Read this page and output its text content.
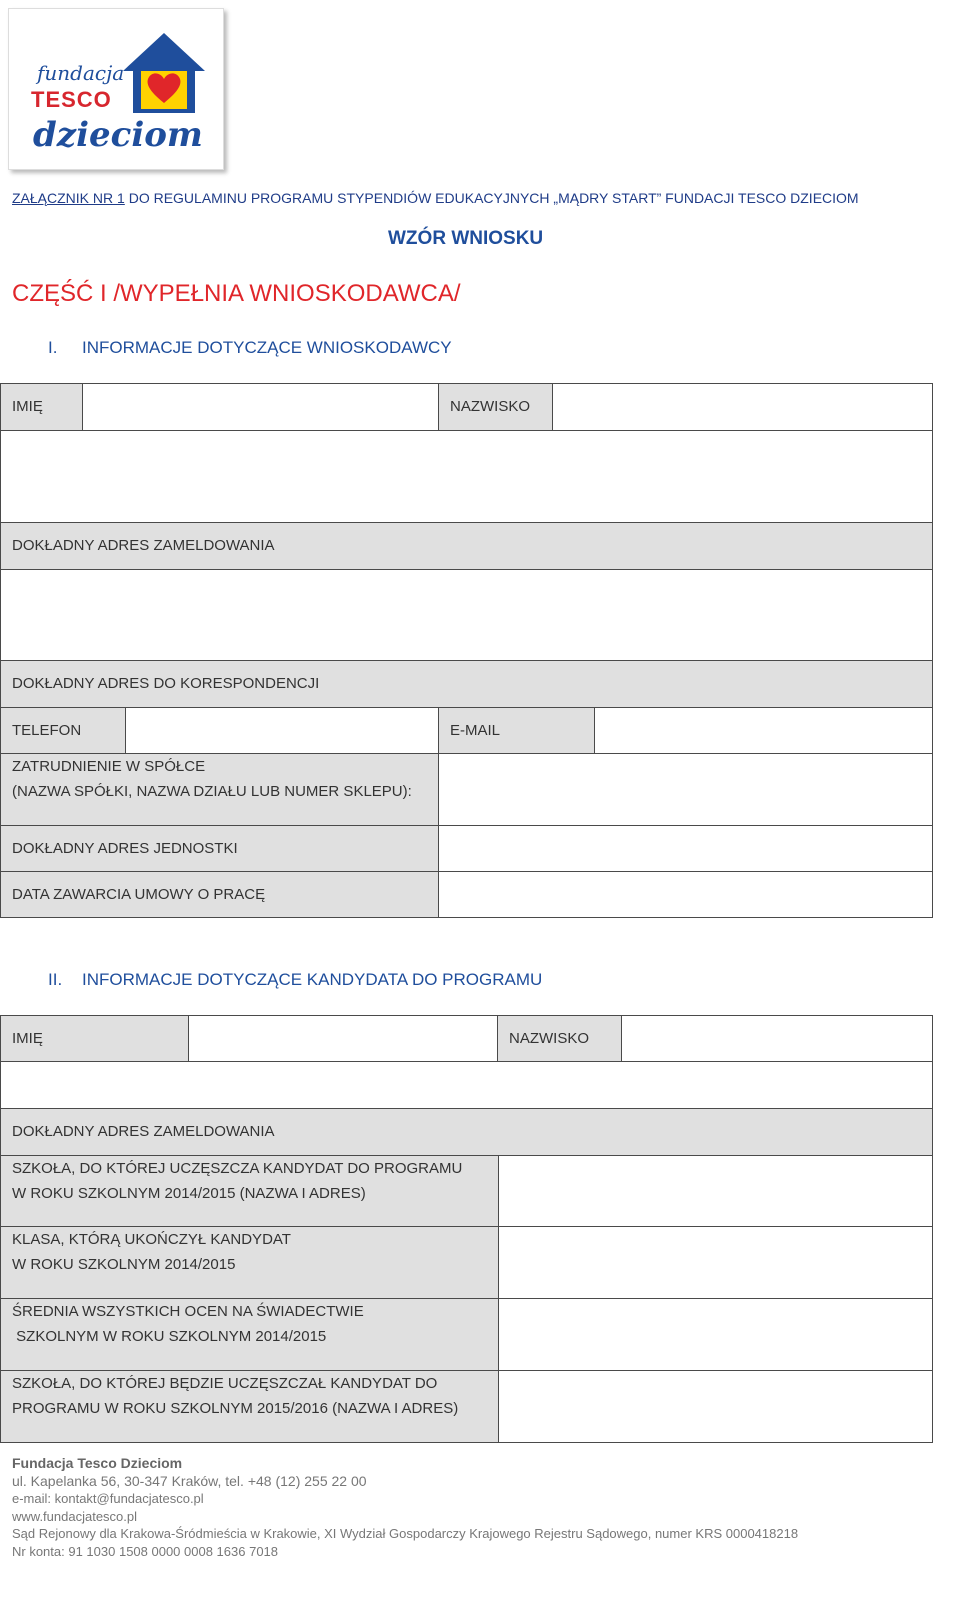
fundacja
TESCO
dzieciom
ZAŁĄCZNIK NR 1 DO REGULAMINU PROGRAMU STYPENDIÓW EDUKACYJNYCH „MĄDRY START” FUNDACJI TESCO DZIECIOM
WZÓR WNIOSKU
CZĘŚĆ I /WYPEŁNIA WNIOSKODAWCA/
I. INFORMACJE DOTYCZĄCE WNIOSKODAWCY
IMIĘ	NAZWISKO
DOKŁADNY ADRES ZAMELDOWANIA
DOKŁADNY ADRES DO KORESPONDENCJI
TELEFON	E-MAIL
ZATRUDNIENIE W SPÓŁCE
(NAZWA SPÓŁKI, NAZWA DZIAŁU LUB NUMER SKLEPU):
DOKŁADNY ADRES JEDNOSTKI
DATA ZAWARCIA UMOWY O PRACĘ
II. INFORMACJE DOTYCZĄCE KANDYDATA DO PROGRAMU
IMIĘ	NAZWISKO
DOKŁADNY ADRES ZAMELDOWANIA
SZKOŁA, DO KTÓREJ UCZĘSZCZA KANDYDAT DO PROGRAMU
W ROKU SZKOLNYM 2014/2015 (NAZWA I ADRES)
KLASA, KTÓRĄ UKOŃCZYŁ KANDYDAT
W ROKU SZKOLNYM 2014/2015
ŚREDNIA WSZYSTKICH OCEN NA ŚWIADECTWIE
SZKOLNYM W ROKU SZKOLNYM 2014/2015
SZKOŁA, DO KTÓREJ BĘDZIE UCZĘSZCZAŁ KANDYDAT DO
PROGRAMU W ROKU SZKOLNYM 2015/2016 (NAZWA I ADRES)
Fundacja Tesco Dzieciom
ul. Kapelanka 56, 30-347 Kraków, tel. +48 (12) 255 22 00
e-mail: kontakt@fundacjatesco.pl
www.fundacjatesco.pl
Sąd Rejonowy dla Krakowa-Śródmieścia w Krakowie, XI Wydział Gospodarczy Krajowego Rejestru Sądowego, numer KRS 0000418218
Nr konta: 91 1030 1508 0000 0008 1636 7018
